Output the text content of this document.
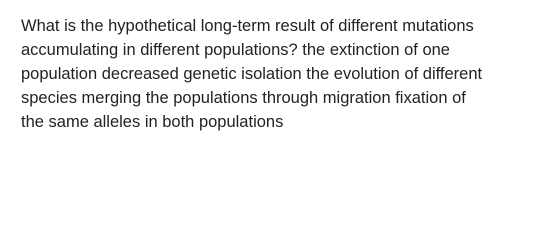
What is the hypothetical long-term result of different mutations
accumulating in different populations? the extinction of one
population decreased genetic isolation the evolution of different
species merging the populations through migration fixation of
the same alleles in both populations
